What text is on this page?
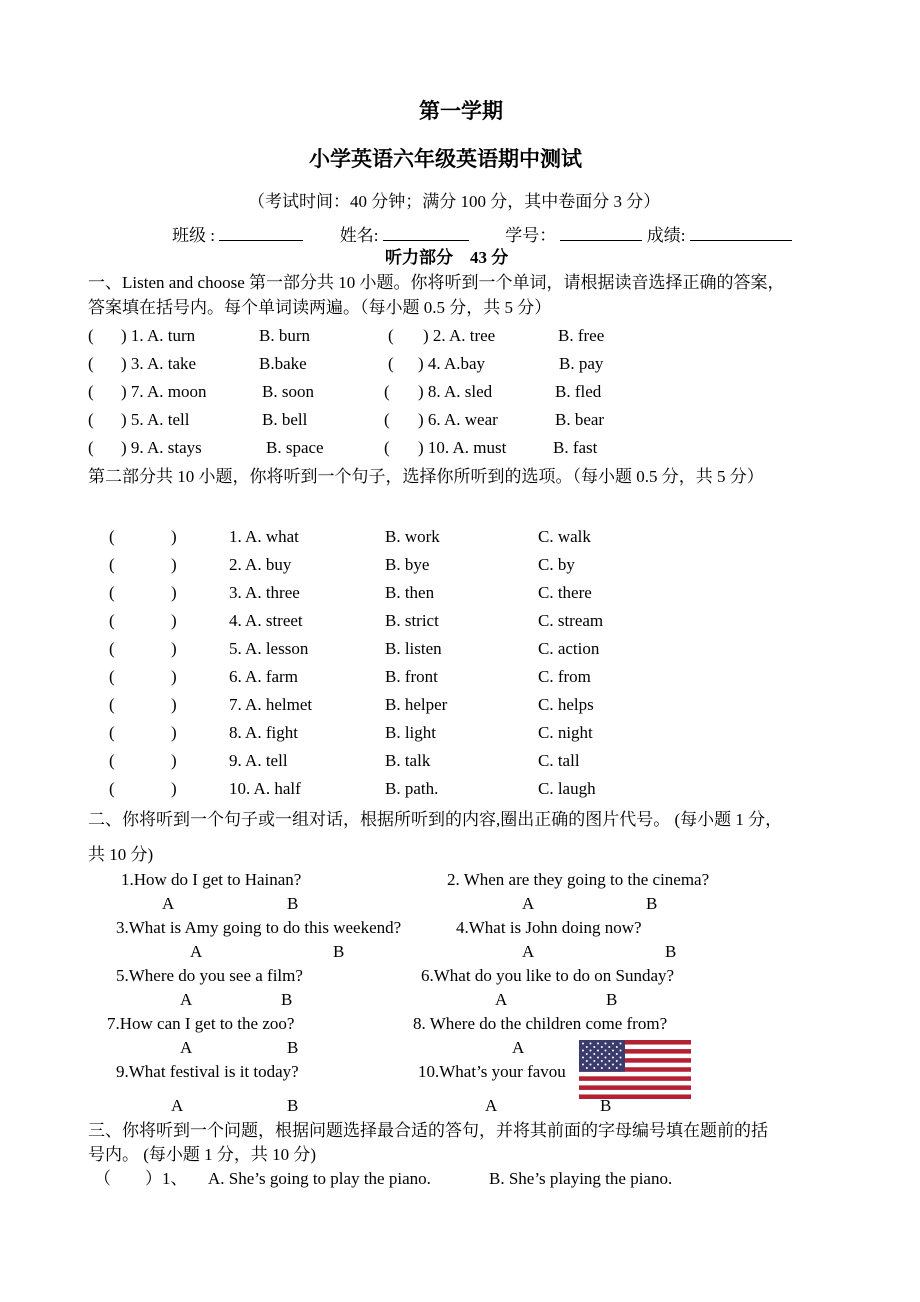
第一学期
小学英语六年级英语期中测试
（考试时间：40 分钟；满分 100 分，其中卷面分 3 分）
班级 :	姓名:	学号：	成绩:
听力部分　43 分
一、Listen and choose 第一部分共 10 小题。你将听到一个单词，请根据读音选择正确的答案，
答案填在括号内。每个单词读两遍。（每小题 0.5 分，共 5 分）
( ) 1. A. turn	B. burn	( ) 2. A. tree	B. free
( ) 3. A. take	B.bake	( ) 4. A.bay	B. pay
( ) 7. A. moon	B. soon	( ) 8. A. sled	B. fled
( ) 5. A. tell	B. bell	( ) 6. A. wear	B. bear
( ) 9. A. stays	B. space	( ) 10. A. must	B. fast
第二部分共 10 小题，你将听到一个句子，选择你所听到的选项。（每小题 0.5 分，共 5 分）
(	)	1. A. what	B. work	C. walk
(	)	2. A. buy	B. bye	C. by
(	)	3. A. three	B. then	C. there
(	)	4. A. street	B. strict	C. stream
(	)	5. A. lesson	B. listen	C. action
(	)	6. A. farm	B. front	C. from
(	)	7. A. helmet	B. helper	C. helps
(	)	8. A. fight	B. light	C. night
(	)	9. A. tell	B. talk	C. tall
(	)	10. A. half	B. path.	C. laugh
二、你将听到一个句子或一组对话，根据所听到的内容,圈出正确的图片代号。 (每小题 1 分，
共 10 分)
1.How do I get to Hainan?	2. When are they going to the cinema?
A	B	A	B
3.What is Amy going to do this weekend?	4.What is John doing now?
A	B	A	B
5.Where do you see a film?	6.What do you like to do on Sunday?
A	B	A	B
7.How can I get to the zoo?	8. Where do the children come from?
A	B	A
9.What festival is it today?	10.What’s your favou
A	B	A	B
三、你将听到一个问题，根据问题选择最合适的答句，并将其前面的字母编号填在题前的括
号内。 (每小题 1 分，共 10 分)
（　　）1、 A. She’s going to play the piano.	B. She’s playing the piano.
